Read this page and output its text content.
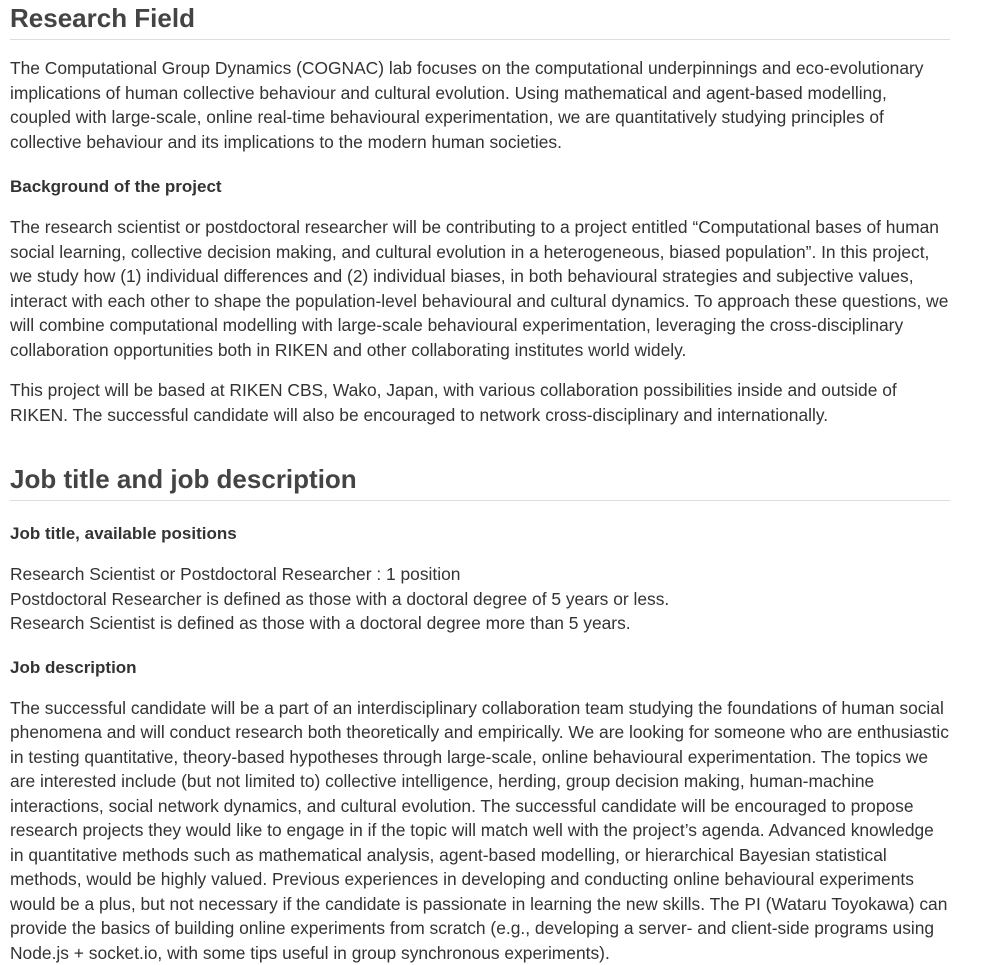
Research Field

The Computational Group Dynamics (COGNAC) lab focuses on the computational underpinnings and eco-evolutionary implications of human collective behaviour and cultural evolution. Using mathematical and agent-based modelling, coupled with large-scale, online real-time behavioural experimentation, we are quantitatively studying principles of collective behaviour and its implications to the modern human societies.

Background of the project

The research scientist or postdoctoral researcher will be contributing to a project entitled “Computational bases of human social learning, collective decision making, and cultural evolution in a heterogeneous, biased population”. In this project, we study how (1) individual differences and (2) individual biases, in both behavioural strategies and subjective values, interact with each other to shape the population-level behavioural and cultural dynamics. To approach these questions, we will combine computational modelling with large-scale behavioural experimentation, leveraging the cross-disciplinary collaboration opportunities both in RIKEN and other collaborating institutes world widely.

This project will be based at RIKEN CBS, Wako, Japan, with various collaboration possibilities inside and outside of RIKEN. The successful candidate will also be encouraged to network cross-disciplinary and internationally.

Job title and job description
Job title, available positions

Research Scientist or Postdoctoral Researcher : 1 position
Postdoctoral Researcher is defined as those with a doctoral degree of 5 years or less.
Research Scientist is defined as those with a doctoral degree more than 5 years.

Job description

The successful candidate will be a part of an interdisciplinary collaboration team studying the foundations of human social phenomena and will conduct research both theoretically and empirically. We are looking for someone who are enthusiastic in testing quantitative, theory-based hypotheses through large-scale, online behavioural experimentation. The topics we are interested include (but not limited to) collective intelligence, herding, group decision making, human-machine interactions, social network dynamics, and cultural evolution. The successful candidate will be encouraged to propose research projects they would like to engage in if the topic will match well with the project’s agenda. Advanced knowledge in quantitative methods such as mathematical analysis, agent-based modelling, or hierarchical Bayesian statistical methods, would be highly valued. Previous experiences in developing and conducting online behavioural experiments would be a plus, but not necessary if the candidate is passionate in learning the new skills. The PI (Wataru Toyokawa) can provide the basics of building online experiments from scratch (e.g., developing a server- and client-side programs using Node.js + socket.io, with some tips useful in group synchronous experiments).
